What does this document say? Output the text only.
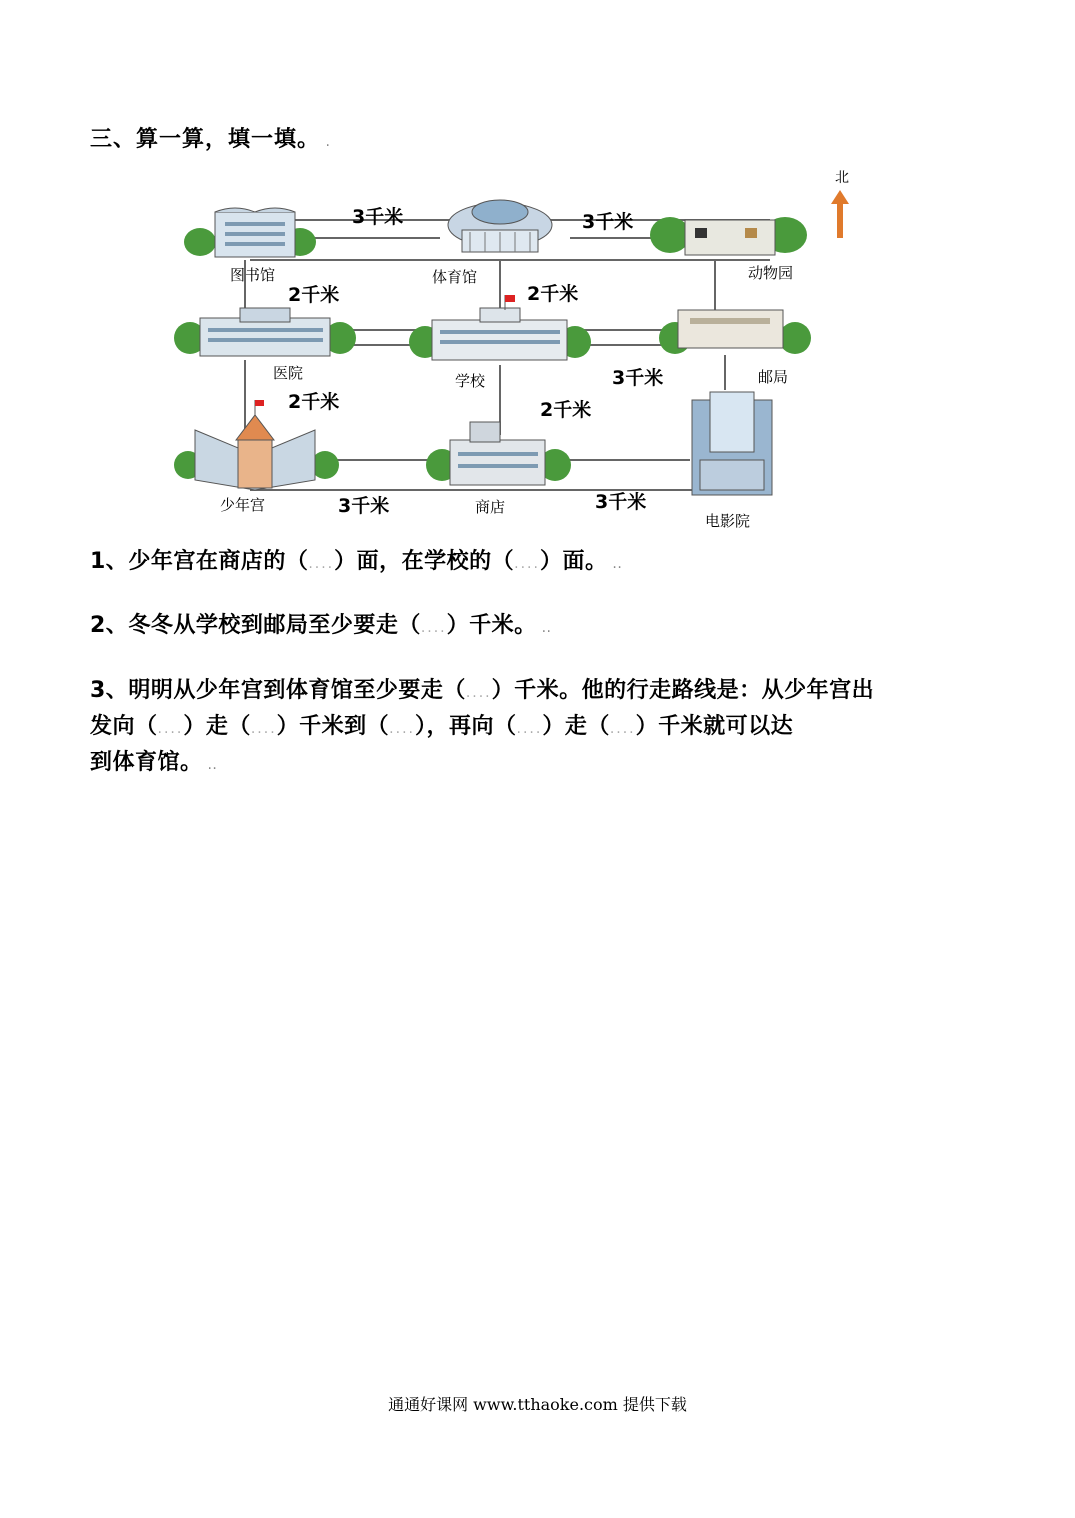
三、算一算，填一填。 .
北
图书馆	体育馆	动物园
医院	学校	邮局
少年宫	商店
电影院
3千米	3千米
2千米	2千米
3千米
2千米	2千米
3千米	3千米
1、少年宫在商店的（....）面，在学校的（....）面。 ..
2、冬冬从学校到邮局至少要走（....）千米。 ..
3、明明从少年宫到体育馆至少要走（....）千米。他的行走路线是：从少年宫出
发向（....）走（....）千米到（....），再向（....）走（....）千米就可以达
到体育馆。 ..
通通好课网 www.tthaoke.com 提供下载
